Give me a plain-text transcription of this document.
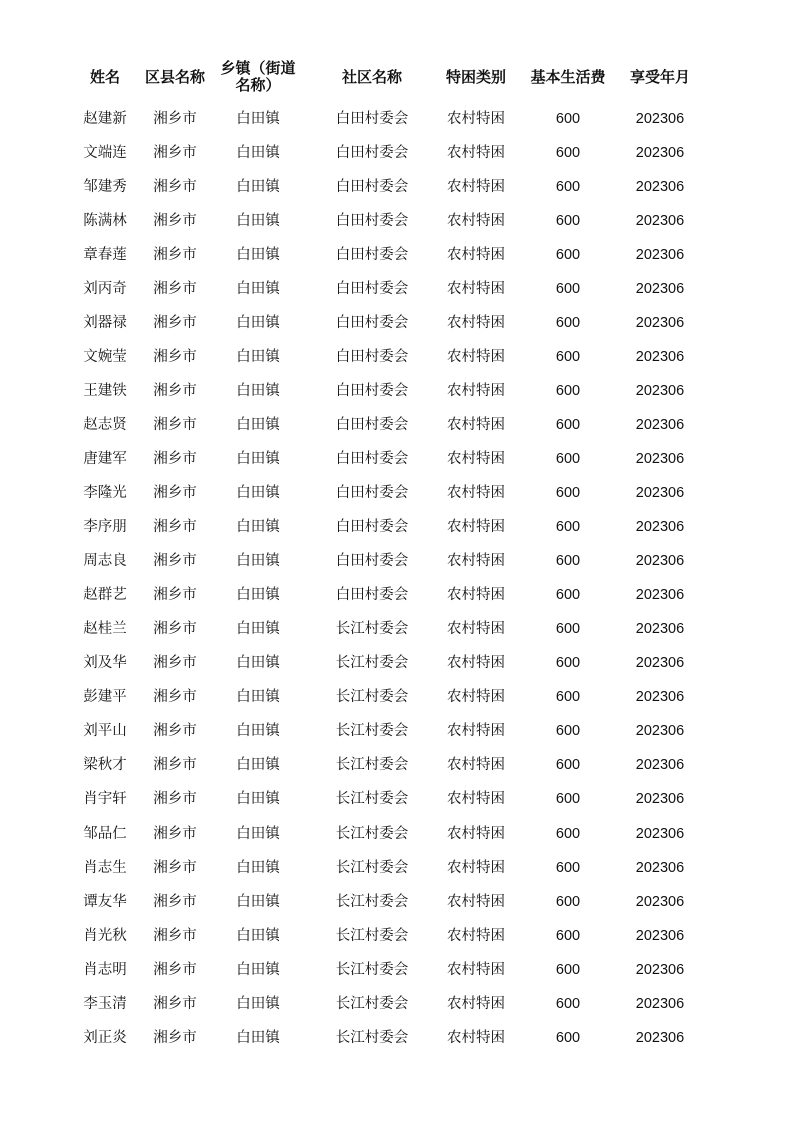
姓名	区县名称	乡镇（街道名称）	社区名称	特困类别	基本生活费	享受年月
赵建新	湘乡市	白田镇	白田村委会	农村特困	600	202306
文端连	湘乡市	白田镇	白田村委会	农村特困	600	202306
邹建秀	湘乡市	白田镇	白田村委会	农村特困	600	202306
陈满林	湘乡市	白田镇	白田村委会	农村特困	600	202306
章春莲	湘乡市	白田镇	白田村委会	农村特困	600	202306
刘丙奇	湘乡市	白田镇	白田村委会	农村特困	600	202306
刘器禄	湘乡市	白田镇	白田村委会	农村特困	600	202306
文婉莹	湘乡市	白田镇	白田村委会	农村特困	600	202306
王建铁	湘乡市	白田镇	白田村委会	农村特困	600	202306
赵志贤	湘乡市	白田镇	白田村委会	农村特困	600	202306
唐建军	湘乡市	白田镇	白田村委会	农村特困	600	202306
李隆光	湘乡市	白田镇	白田村委会	农村特困	600	202306
李序朋	湘乡市	白田镇	白田村委会	农村特困	600	202306
周志良	湘乡市	白田镇	白田村委会	农村特困	600	202306
赵群艺	湘乡市	白田镇	白田村委会	农村特困	600	202306
赵桂兰	湘乡市	白田镇	长江村委会	农村特困	600	202306
刘及华	湘乡市	白田镇	长江村委会	农村特困	600	202306
彭建平	湘乡市	白田镇	长江村委会	农村特困	600	202306
刘平山	湘乡市	白田镇	长江村委会	农村特困	600	202306
梁秋才	湘乡市	白田镇	长江村委会	农村特困	600	202306
肖宇轩	湘乡市	白田镇	长江村委会	农村特困	600	202306
邹品仁	湘乡市	白田镇	长江村委会	农村特困	600	202306
肖志生	湘乡市	白田镇	长江村委会	农村特困	600	202306
谭友华	湘乡市	白田镇	长江村委会	农村特困	600	202306
肖光秋	湘乡市	白田镇	长江村委会	农村特困	600	202306
肖志明	湘乡市	白田镇	长江村委会	农村特困	600	202306
李玉清	湘乡市	白田镇	长江村委会	农村特困	600	202306
刘正炎	湘乡市	白田镇	长江村委会	农村特困	600	202306
